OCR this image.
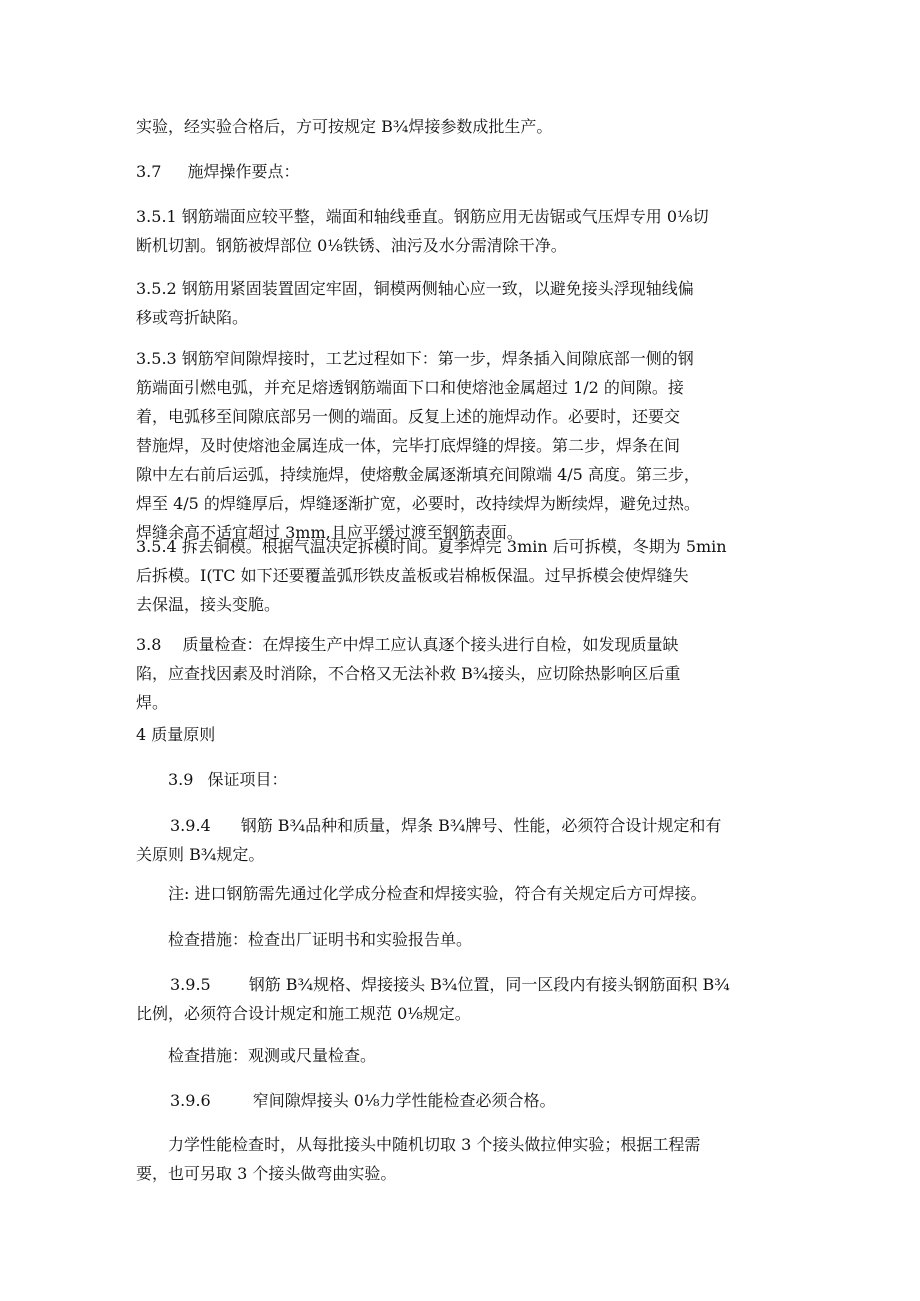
实验，经实验合格后，方可按规定 B¾焊接参数成批生产。

3.7 施焊操作要点：

3.5.1 钢筋端面应较平整，端面和轴线垂直。钢筋应用无齿锯或气压焊专用 0⅛切
断机切割。钢筋被焊部位 0⅛铁锈、油污及水分需清除干净。

3.5.2 钢筋用紧固装置固定牢固，铜模两侧轴心应一致，以避免接头浮现轴线偏
移或弯折缺陷。

3.5.3 钢筋窄间隙焊接时，工艺过程如下：第一步，焊条插入间隙底部一侧的钢
筋端面引燃电弧，并充足熔透钢筋端面下口和使熔池金属超过 1/2 的间隙。接
着，电弧移至间隙底部另一侧的端面。反复上述的施焊动作。必要时，还要交
替施焊，及时使熔池金属连成一体，完毕打底焊缝的焊接。第二步，焊条在间
隙中左右前后运弧，持续施焊，使熔敷金属逐渐填充间隙端 4/5 高度。第三步，
焊至 4/5 的焊缝厚后，焊缝逐渐扩宽，必要时，改持续焊为断续焊，避免过热。
焊缝余高不适宜超过 3mm,且应平缓过渡至钢筋表面。

3.5.4 拆去铜模。根据气温决定拆模时间。夏季焊完 3min 后可拆模，冬期为 5min
后拆模。I(TC 如下还要覆盖弧形铁皮盖板或岩棉板保温。过早拆模会使焊缝失
去保温，接头变脆。

3.8　 质量检查：在焊接生产中焊工应认真逐个接头进行自检，如发现质量缺
陷，应查找因素及时消除，不合格又无法补救 B¾接头，应切除热影响区后重
焊。

4 质量原则

3.9 保证项目：

3.9.4 钢筋 B¾品种和质量，焊条 B¾牌号、性能，必须符合设计规定和有
关原则 B¾规定。

注: 进口钢筋需先通过化学成分检查和焊接实验，符合有关规定后方可焊接。

检查措施：检查出厂证明书和实验报告单。

3.9.5 钢筋 B¾规格、焊接接头 B¾位置，同一区段内有接头钢筋面积 B¾
比例，必须符合设计规定和施工规范 0⅛规定。

检查措施：观测或尺量检查。

3.9.6	窄间隙焊接头 0⅛力学性能检查必须合格。

力学性能检查时，从每批接头中随机切取 3 个接头做拉伸实验；根据工程需
要，也可另取 3 个接头做弯曲实验。
